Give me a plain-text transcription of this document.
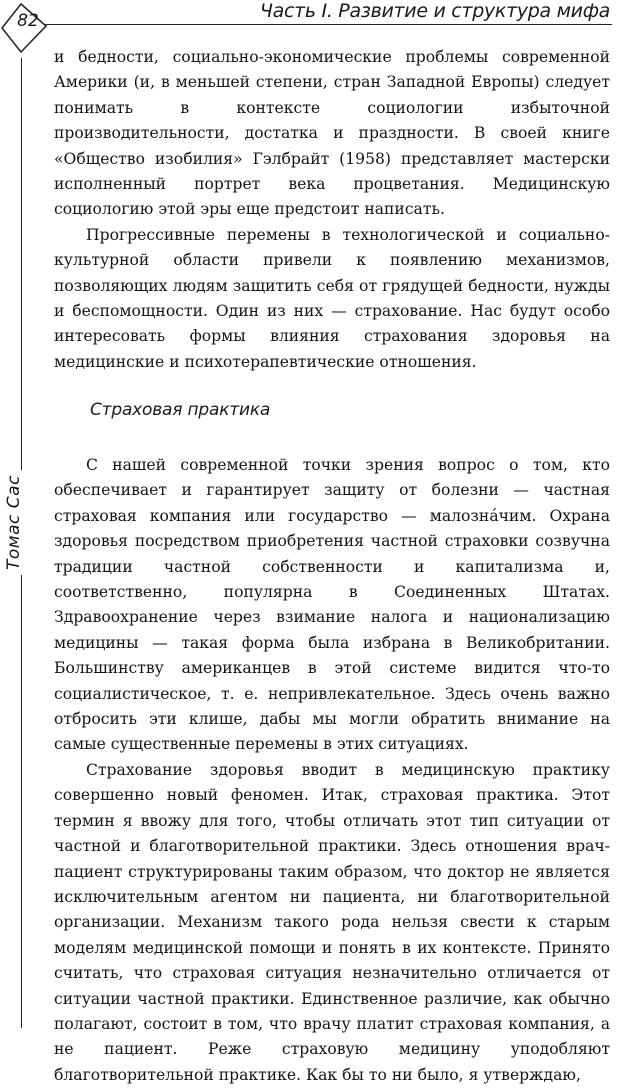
82	Часть I. Развитие и структура мифа
Томас Сас

и бедности, социально-экономические проблемы современной Америки (и, в меньшей степени, стран Западной Европы) следует понимать в контексте социологии избыточной производительности, достатка и праздности. В своей книге «Общество изобилия» Гэлбрайт (1958) представляет мастерски исполненный портрет века процветания. Медицинскую социологию этой эры еще предстоит написать.

Прогрессивные перемены в технологической и социально-культурной области привели к появлению механизмов, позволяющих людям защитить себя от грядущей бедности, нужды и беспомощности. Один из них — страхование. Нас будут особо интересовать формы влияния страхования здоровья на медицинские и психотерапевтические отношения.

Страховая практика

С нашей современной точки зрения вопрос о том, кто обеспечивает и гарантирует защиту от болезни — частная страховая компания или государство — малозна́чим. Охрана здоровья посредством приобретения частной страховки созвучна традиции частной собственности и капитализма и, соответственно, популярна в Соединенных Штатах. Здравоохранение через взимание налога и национализацию медицины — такая форма была избрана в Великобритании. Большинству американцев в этой системе видится что-то социалистическое, т. е. непривлекательное. Здесь очень важно отбросить эти клише, дабы мы могли обратить внимание на самые существенные перемены в этих ситуациях.

Страхование здоровья вводит в медицинскую практику совершенно новый феномен. Итак, страховая практика. Этот термин я ввожу для того, чтобы отличать этот тип ситуации от частной и благотворительной практики. Здесь отношения врач-пациент структурированы таким образом, что доктор не является исключительным агентом ни пациента, ни благотворительной организации. Механизм такого рода нельзя свести к старым моделям медицинской помощи и понять в их контексте. Принято считать, что страховая ситуация незначительно отличается от ситуации частной практики. Единственное различие, как обычно полагают, состоит в том, что врачу платит страховая компания, а не пациент. Реже страховую медицину уподобляют благотворительной практике. Как бы то ни было, я утверждаю,
